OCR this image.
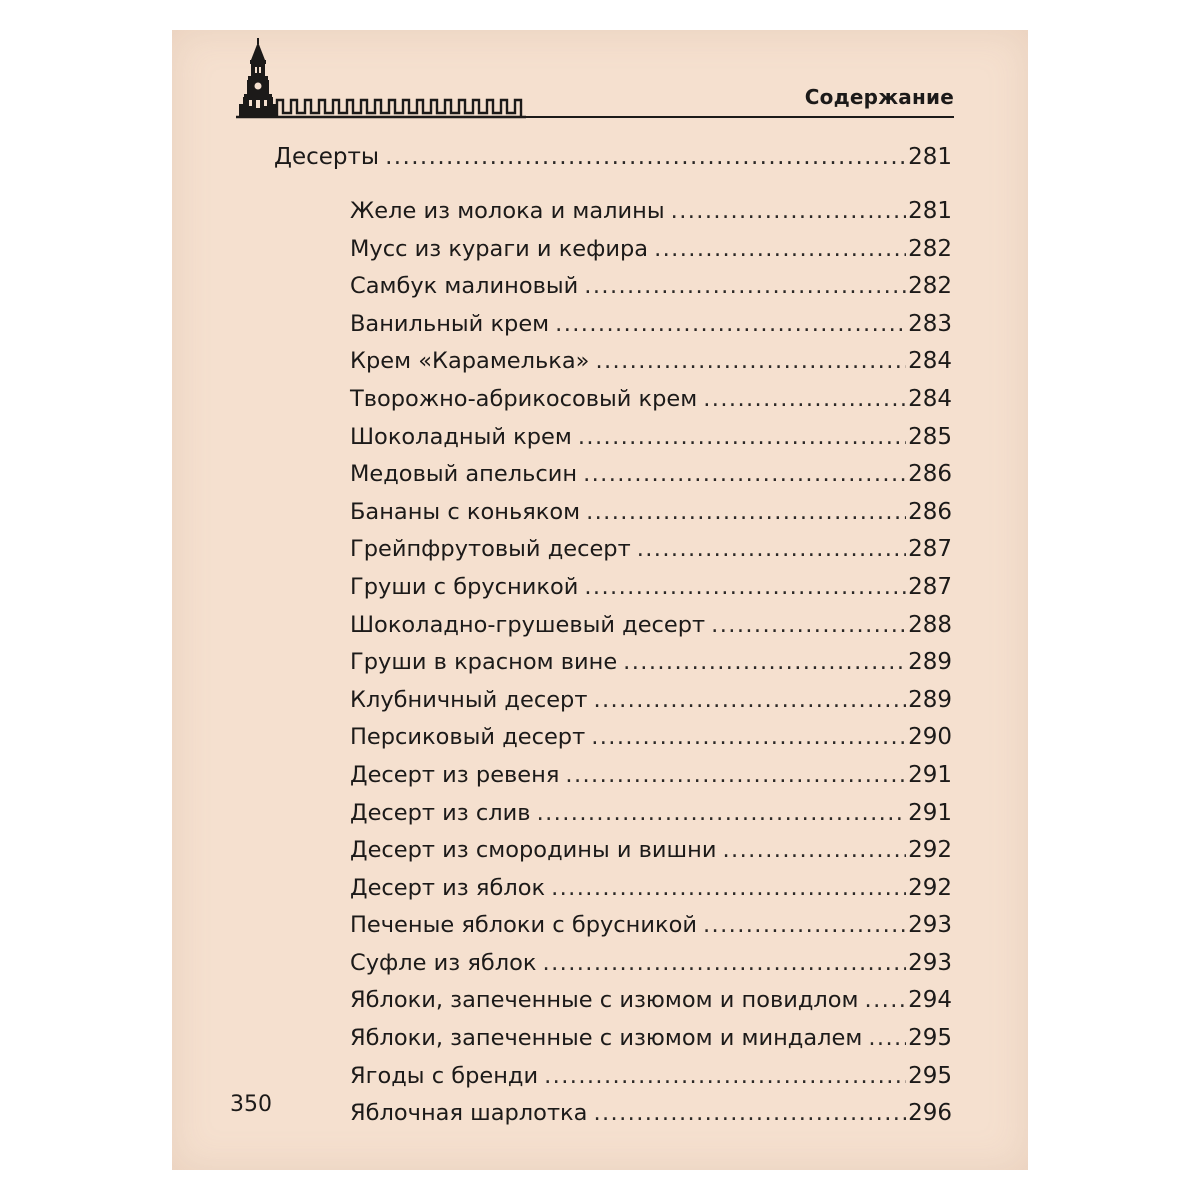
Содержание
Десерты .....	281
Желе из молока и малины .....	281
Мусс из кураги и кефира .....	282
Самбук малиновый .....	282
Ванильный крем .....	283
Крем «Карамелька» .....	284
Творожно-абрикосовый крем .....	284
Шоколадный крем .....	285
Медовый апельсин .....	286
Бананы с коньяком .....	286
Грейпфрутовый десерт .....	287
Груши с брусникой .....	287
Шоколадно-грушевый десерт .....	288
Груши в красном вине .....	289
Клубничный десерт .....	289
Персиковый десерт .....	290
Десерт из ревеня .....	291
Десерт из слив .....	291
Десерт из смородины и вишни .....	292
Десерт из яблок .....	292
Печеные яблоки с брусникой .....	293
Суфле из яблок .....	293
Яблоки, запеченные с изюмом и повидлом ..... 294
Яблоки, запеченные с изюмом и миндалем ..... 295
Ягоды с бренди .....	295
Яблочная шарлотка .....	296
350
